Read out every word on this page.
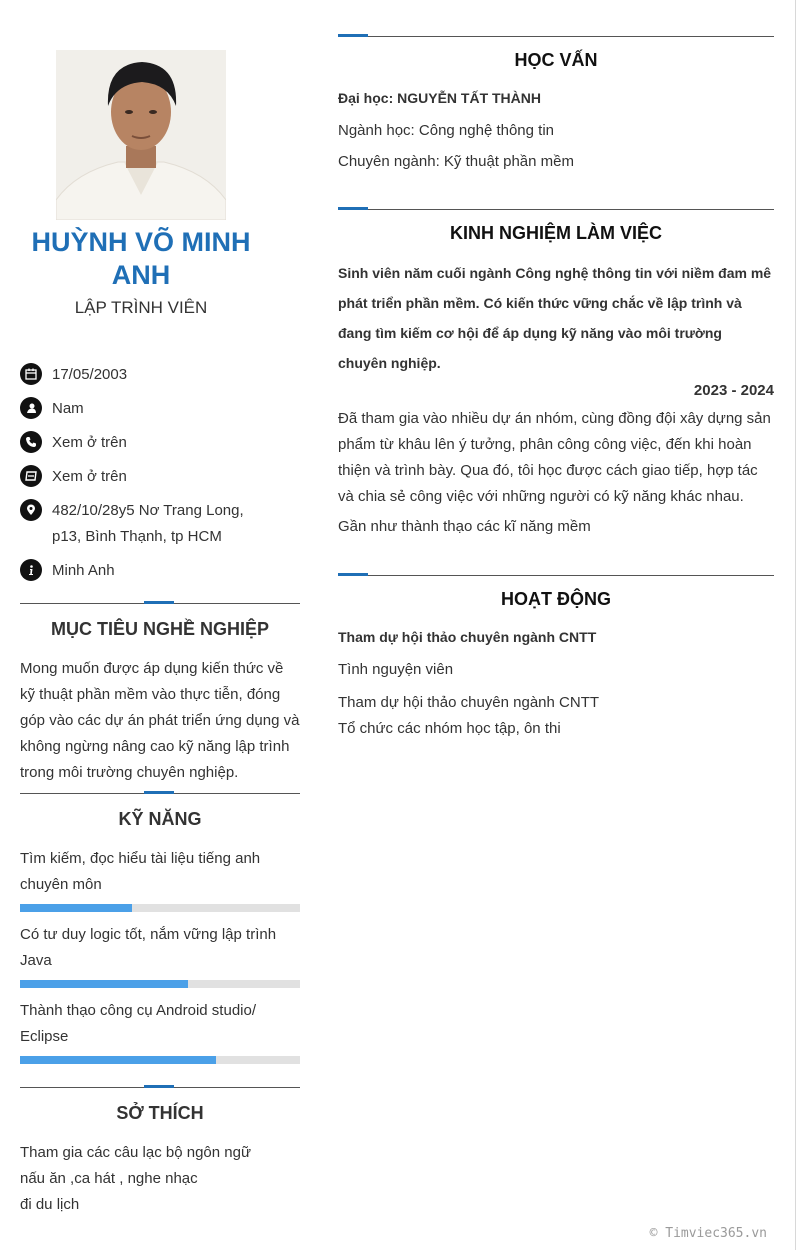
HUỲNH VÕ MINH ANH
LẬP TRÌNH VIÊN
17/05/2003
Nam
Xem ở trên
Xem ở trên
482/10/28y5 Nơ Trang Long, p13, Bình Thạnh, tp HCM
Minh Anh
MỤC TIÊU NGHỀ NGHIỆP

Mong muốn được áp dụng kiến thức về kỹ thuật phần mềm vào thực tiễn, đóng góp vào các dự án phát triển ứng dụng và không ngừng nâng cao kỹ năng lập trình trong môi trường chuyên nghiệp.

KỸ NĂNG
Tìm kiếm, đọc hiểu tài liệu tiếng anh chuyên môn
Có tư duy logic tốt, nắm vững lập trình Java
Thành thạo công cụ Android studio/ Eclipse
SỞ THÍCH
Tham gia các câu lạc bộ ngôn ngữ
nấu ăn ,ca hát , nghe nhạc
đi du lịch
HỌC VẤN
Đại học: NGUYỄN TẤT THÀNH
Ngành học: Công nghệ thông tin
Chuyên ngành: Kỹ thuật phần mềm
KINH NGHIỆM LÀM VIỆC
Sinh viên năm cuối ngành Công nghệ thông tin với niềm đam mê phát triển phần mềm. Có kiến thức vững chắc về lập trình và đang tìm kiếm cơ hội để áp dụng kỹ năng vào môi trường chuyên nghiệp.
2023 - 2024
Đã tham gia vào nhiều dự án nhóm, cùng đồng đội xây dựng sản phẩm từ khâu lên ý tưởng, phân công công việc, đến khi hoàn thiện và trình bày. Qua đó, tôi học được cách giao tiếp, hợp tác và chia sẻ công việc với những người có kỹ năng khác nhau.
Gần như thành thạo các kĩ năng mềm
HOẠT ĐỘNG
Tham dự hội thảo chuyên ngành CNTT
Tình nguyện viên
Tham dự hội thảo chuyên ngành CNTT
Tổ chức các nhóm học tập, ôn thi
© Timviec365.vn
